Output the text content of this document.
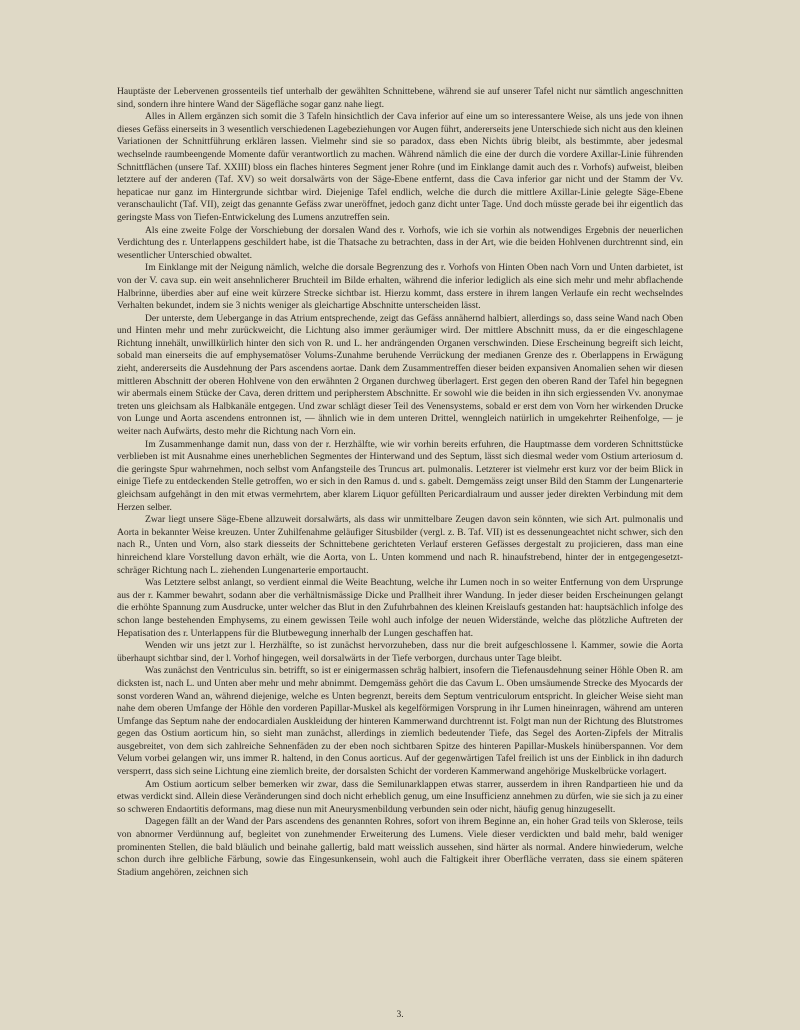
Hauptäste der Lebervenen grossenteils tief unterhalb der gewählten Schnittebene, während sie auf unserer Tafel nicht nur sämtlich angeschnitten sind, sondern ihre hintere Wand der Sägefläche sogar ganz nahe liegt.

Alles in Allem ergänzen sich somit die 3 Tafeln hinsichtlich der Cava inferior auf eine um so interessantere Weise, als uns jede von ihnen dieses Gefäss einerseits in 3 wesentlich verschiedenen Lagebeziehungen vor Augen führt, andererseits jene Unterschiede sich nicht aus den kleinen Variationen der Schnittführung erklären lassen. Vielmehr sind sie so paradox, dass eben Nichts übrig bleibt, als bestimmte, aber jedesmal wechselnde raumbeengende Momente dafür verantwortlich zu machen. Während nämlich die eine der durch die vordere Axillar-Linie führenden Schnittflächen (unsere Taf. XXIII) bloss ein flaches hinteres Segment jener Rohre (und im Einklange damit auch des r. Vorhofs) aufweist, bleiben letztere auf der anderen (Taf. XV) so weit dorsalwärts von der Säge-Ebene entfernt, dass die Cava inferior gar nicht und der Stamm der Vv. hepaticae nur ganz im Hintergrunde sichtbar wird. Diejenige Tafel endlich, welche die durch die mittlere Axillar-Linie gelegte Säge-Ebene veranschaulicht (Taf. VII), zeigt das genannte Gefäss zwar uneröffnet, jedoch ganz dicht unter Tage. Und doch müsste gerade bei ihr eigentlich das geringste Mass von Tiefen-Entwickelung des Lumens anzutreffen sein.

Als eine zweite Folge der Vorschiebung der dorsalen Wand des r. Vorhofs, wie ich sie vorhin als notwendiges Ergebnis der neuerlichen Verdichtung des r. Unterlappens geschildert habe, ist die Thatsache zu betrachten, dass in der Art, wie die beiden Hohlvenen durchtrennt sind, ein wesentlicher Unterschied obwaltet.

Im Einklange mit der Neigung nämlich, welche die dorsale Begrenzung des r. Vorhofs von Hinten Oben nach Vorn und Unten darbietet, ist von der V. cava sup. ein weit ansehnlicherer Bruchteil im Bilde erhalten, während die inferior lediglich als eine sich mehr und mehr abflachende Halbrinne, überdies aber auf eine weit kürzere Strecke sichtbar ist. Hierzu kommt, dass erstere in ihrem langen Verlaufe ein recht wechselndes Verhalten bekundet, indem sie 3 nichts weniger als gleichartige Abschnitte unterscheiden lässt.

Der unterste, dem Uebergange in das Atrium entsprechende, zeigt das Gefäss annähernd halbiert, allerdings so, dass seine Wand nach Oben und Hinten mehr und mehr zurückweicht, die Lichtung also immer geräumiger wird. Der mittlere Abschnitt muss, da er die eingeschlagene Richtung innehält, unwillkürlich hinter den sich von R. und L. her andrängenden Organen verschwinden. Diese Erscheinung begreift sich leicht, sobald man einerseits die auf emphysematöser Volums-Zunahme beruhende Verrückung der medianen Grenze des r. Oberlappens in Erwägung zieht, andererseits die Ausdehnung der Pars ascendens aortae. Dank dem Zusammentreffen dieser beiden expansiven Anomalien sehen wir diesen mittleren Abschnitt der oberen Hohlvene von den erwähnten 2 Organen durchweg überlagert. Erst gegen den oberen Rand der Tafel hin begegnen wir abermals einem Stücke der Cava, deren drittem und peripherstem Abschnitte. Er sowohl wie die beiden in ihn sich ergiessenden Vv. anonymae treten uns gleichsam als Halbkanäle entgegen. Und zwar schlägt dieser Teil des Venensystems, sobald er erst dem von Vorn her wirkenden Drucke von Lunge und Aorta ascendens entronnen ist, — ähnlich wie in dem unteren Drittel, wenngleich natürlich in umgekehrter Reihenfolge, — je weiter nach Aufwärts, desto mehr die Richtung nach Vorn ein.

Im Zusammenhange damit nun, dass von der r. Herzhälfte, wie wir vorhin bereits erfuhren, die Hauptmasse dem vorderen Schnittstücke verblieben ist mit Ausnahme eines unerheblichen Segmentes der Hinterwand und des Septum, lässt sich diesmal weder vom Ostium arteriosum d. die geringste Spur wahrnehmen, noch selbst vom Anfangsteile des Truncus art. pulmonalis. Letzterer ist vielmehr erst kurz vor der beim Blick in einige Tiefe zu entdeckenden Stelle getroffen, wo er sich in den Ramus d. und s. gabelt. Demgemäss zeigt unser Bild den Stamm der Lungenarterie gleichsam aufgehängt in den mit etwas vermehrtem, aber klarem Liquor gefüllten Pericardialraum und ausser jeder direkten Verbindung mit dem Herzen selber.

Zwar liegt unsere Säge-Ebene allzuweit dorsalwärts, als dass wir unmittelbare Zeugen davon sein könnten, wie sich Art. pulmonalis und Aorta in bekannter Weise kreuzen. Unter Zuhilfenahme geläufiger Situsbilder (vergl. z. B. Taf. VII) ist es dessenungeachtet nicht schwer, sich den nach R., Unten und Vorn, also stark diesseits der Schnittebene gerichteten Verlauf ersteren Gefässes dergestalt zu projicieren, dass man eine hinreichend klare Vorstellung davon erhält, wie die Aorta, von L. Unten kommend und nach R. hinaufstrebend, hinter der in entgegengesetzt-schräger Richtung nach L. ziehenden Lungenarterie emportaucht.

Was Letztere selbst anlangt, so verdient einmal die Weite Beachtung, welche ihr Lumen noch in so weiter Entfernung von dem Ursprunge aus der r. Kammer bewahrt, sodann aber die verhältnismässige Dicke und Prallheit ihrer Wandung. In jeder dieser beiden Erscheinungen gelangt die erhöhte Spannung zum Ausdrucke, unter welcher das Blut in den Zufuhrbahnen des kleinen Kreislaufs gestanden hat: hauptsächlich infolge des schon lange bestehenden Emphysems, zu einem gewissen Teile wohl auch infolge der neuen Widerstände, welche das plötzliche Auftreten der Hepatisation des r. Unterlappens für die Blutbewegung innerhalb der Lungen geschaffen hat.

Wenden wir uns jetzt zur l. Herzhälfte, so ist zunächst hervorzuheben, dass nur die breit aufgeschlossene l. Kammer, sowie die Aorta überhaupt sichtbar sind, der l. Vorhof hingegen, weil dorsalwärts in der Tiefe verborgen, durchaus unter Tage bleibt.

Was zunächst den Ventriculus sin. betrifft, so ist er einigermassen schräg halbiert, insofern die Tiefenausdehnung seiner Höhle Oben R. am dicksten ist, nach L. und Unten aber mehr und mehr abnimmt. Demgemäss gehört die das Cavum L. Oben umsäumende Strecke des Myocards der sonst vorderen Wand an, während diejenige, welche es Unten begrenzt, bereits dem Septum ventriculorum entspricht. In gleicher Weise sieht man nahe dem oberen Umfange der Höhle den vorderen Papillar-Muskel als kegelförmigen Vorsprung in ihr Lumen hineinragen, während am unteren Umfange das Septum nahe der endocardialen Auskleidung der hinteren Kammerwand durchtrennt ist. Folgt man nun der Richtung des Blutstromes gegen das Ostium aorticum hin, so sieht man zunächst, allerdings in ziemlich bedeutender Tiefe, das Segel des Aorten-Zipfels der Mitralis ausgebreitet, von dem sich zahlreiche Sehnenfäden zu der eben noch sichtbaren Spitze des hinteren Papillar-Muskels hinüberspannen. Vor dem Velum vorbei gelangen wir, uns immer R. haltend, in den Conus aorticus. Auf der gegenwärtigen Tafel freilich ist uns der Einblick in ihn dadurch versperrt, dass sich seine Lichtung eine ziemlich breite, der dorsalsten Schicht der vorderen Kammerwand angehörige Muskelbrücke vorlagert.

Am Ostium aorticum selber bemerken wir zwar, dass die Semilunarklappen etwas starrer, ausserdem in ihren Randpartieen hie und da etwas verdickt sind. Allein diese Veränderungen sind doch nicht erheblich genug, um eine Insufficienz annehmen zu dürfen, wie sie sich ja zu einer so schweren Endaortitis deformans, mag diese nun mit Aneurysmenbildung verbunden sein oder nicht, häufig genug hinzugesellt.

Dagegen fällt an der Wand der Pars ascendens des genannten Rohres, sofort von ihrem Beginne an, ein hoher Grad teils von Sklerose, teils von abnormer Verdünnung auf, begleitet von zunehmender Erweiterung des Lumens. Viele dieser verdickten und bald mehr, bald weniger prominenten Stellen, die bald bläulich und beinahe gallertig, bald matt weisslich aussehen, sind härter als normal. Andere hinwiederum, welche schon durch ihre gelbliche Färbung, sowie das Eingesunkensein, wohl auch die Faltigkeit ihrer Oberfläche verraten, dass sie einem späteren Stadium angehören, zeichnen sich

3.
